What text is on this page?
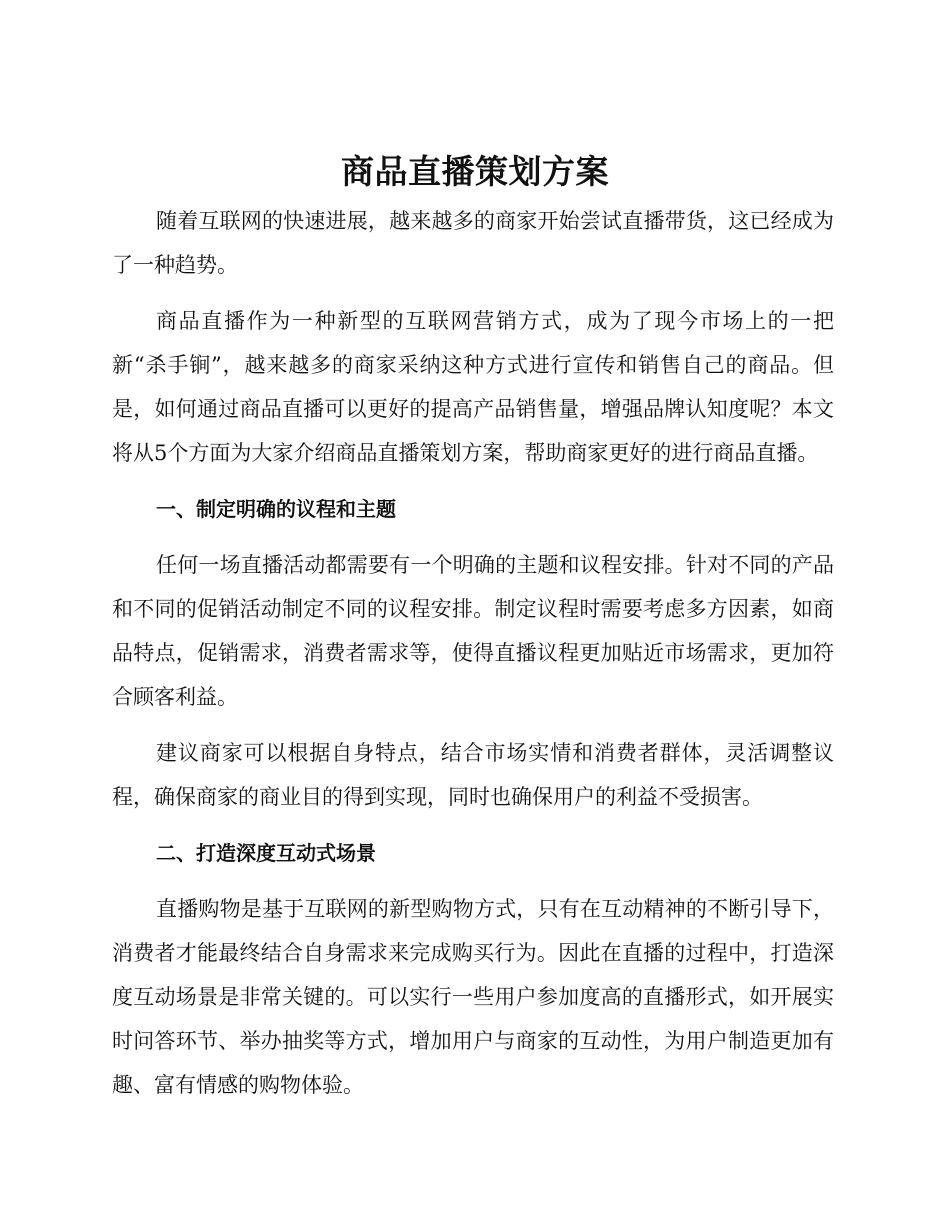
商品直播策划方案

随着互联网的快速进展，越来越多的商家开始尝试直播带货，这已经成为了一种趋势。

商品直播作为一种新型的互联网营销方式，成为了现今市场上的一把新“杀手锏”，越来越多的商家采纳这种方式进行宣传和销售自己的商品。但是，如何通过商品直播可以更好的提高产品销售量，增强品牌认知度呢？本文将从5个方面为大家介绍商品直播策划方案，帮助商家更好的进行商品直播。

一、制定明确的议程和主题

任何一场直播活动都需要有一个明确的主题和议程安排。针对不同的产品和不同的促销活动制定不同的议程安排。制定议程时需要考虑多方因素，如商品特点，促销需求，消费者需求等，使得直播议程更加贴近市场需求，更加符合顾客利益。

建议商家可以根据自身特点，结合市场实情和消费者群体，灵活调整议程，确保商家的商业目的得到实现，同时也确保用户的利益不受损害。

二、打造深度互动式场景

直播购物是基于互联网的新型购物方式，只有在互动精神的不断引导下，消费者才能最终结合自身需求来完成购买行为。因此在直播的过程中，打造深度互动场景是非常关键的。可以实行一些用户参加度高的直播形式，如开展实时问答环节、举办抽奖等方式，增加用户与商家的互动性，为用户制造更加有趣、富有情感的购物体验。
